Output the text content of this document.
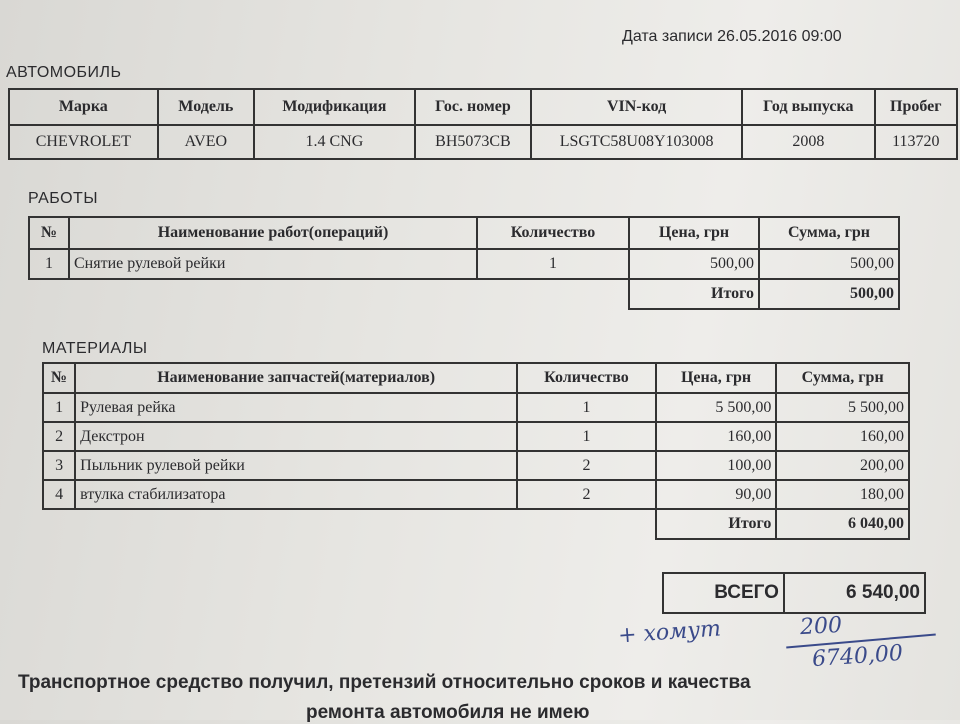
Дата записи 26.05.2016 09:00
АВТОМОБИЛЬ
Марка	Модель	Модификация	Гос. номер	VIN-код	Год выпуска	Пробег
CHEVROLET	AVEO	1.4 CNG	ВН5073СВ	LSGTC58U08Y103008	2008	113720
РАБОТЫ
№	Наименование работ(операций)	Количество	Цена, грн	Сумма, грн
1	Снятие рулевой рейки	1	500,00	500,00
			Итого	500,00
МАТЕРИАЛЫ
№	Наименование запчастей(материалов)	Количество	Цена, грн	Сумма, грн
1	Рулевая рейка	1	5 500,00	5 500,00
2	Декстрон	1	160,00	160,00
3	Пыльник рулевой рейки	2	100,00	200,00
4	втулка стабилизатора	2	90,00	180,00
			Итого	6 040,00
ВСЕГО	6 540,00
+ хомут	200
6740,00
Транспортное средство получил, претензий относительно сроков и качества
ремонта автомобиля не имею
